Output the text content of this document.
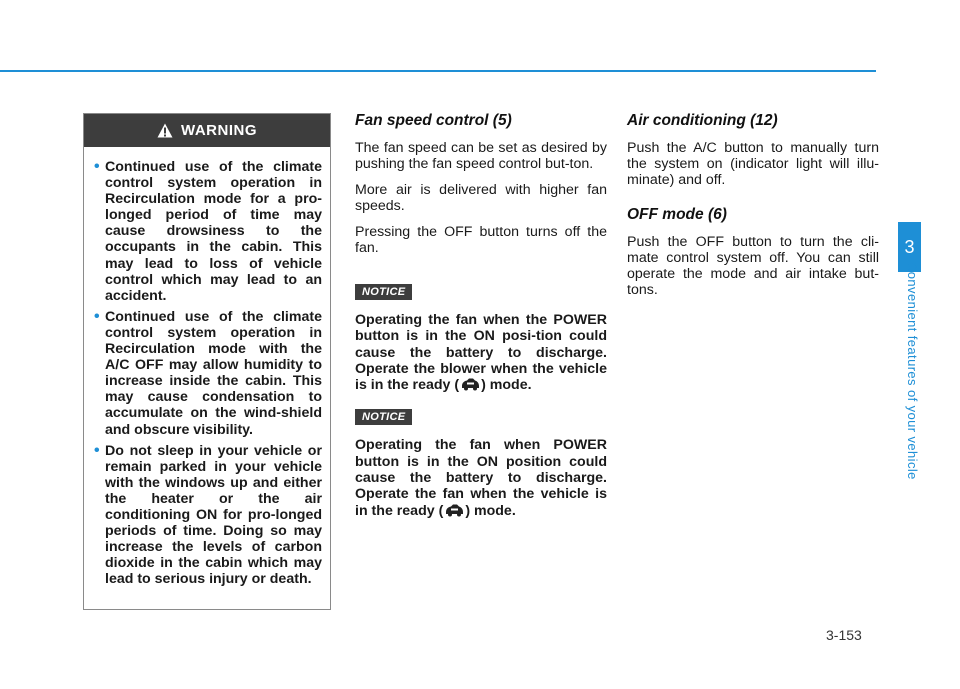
WARNING
• Continued use of the climate control system operation in Recirculation mode for a pro-longed period of time may cause drowsiness to the occupants in the cabin. This may lead to loss of vehicle control which may lead to an accident.
• Continued use of the climate control system operation in Recirculation mode with the A/C OFF may allow humidity to increase inside the cabin. This may cause condensation to accumulate on the wind-shield and obscure visibility.
• Do not sleep in your vehicle or remain parked in your vehicle with the windows up and either the heater or the air conditioning ON for pro-longed periods of time. Doing so may increase the levels of carbon dioxide in the cabin which may lead to serious injury or death.
Fan speed control (5)

The fan speed can be set as desired by pushing the fan speed control but-ton.

More air is delivered with higher fan speeds.

Pressing the OFF button turns off the fan.

NOTICE
Operating the fan when the POWER button is in the ON posi-tion could cause the battery to discharge. Operate the blower when the vehicle is in the ready ( ) mode.
NOTICE
Operating the fan when POWER button is in the ON position could cause the battery to discharge. Operate the fan when the vehicle is in the ready ( ) mode.
Air conditioning (12)

Push the A/C button to manually turn the system on (indicator light will illu-minate) and off.

OFF mode (6)

Push the OFF button to turn the cli-mate control system off. You can still operate the mode and air intake but-tons.

3
Convenient features of your vehicle
3-153
